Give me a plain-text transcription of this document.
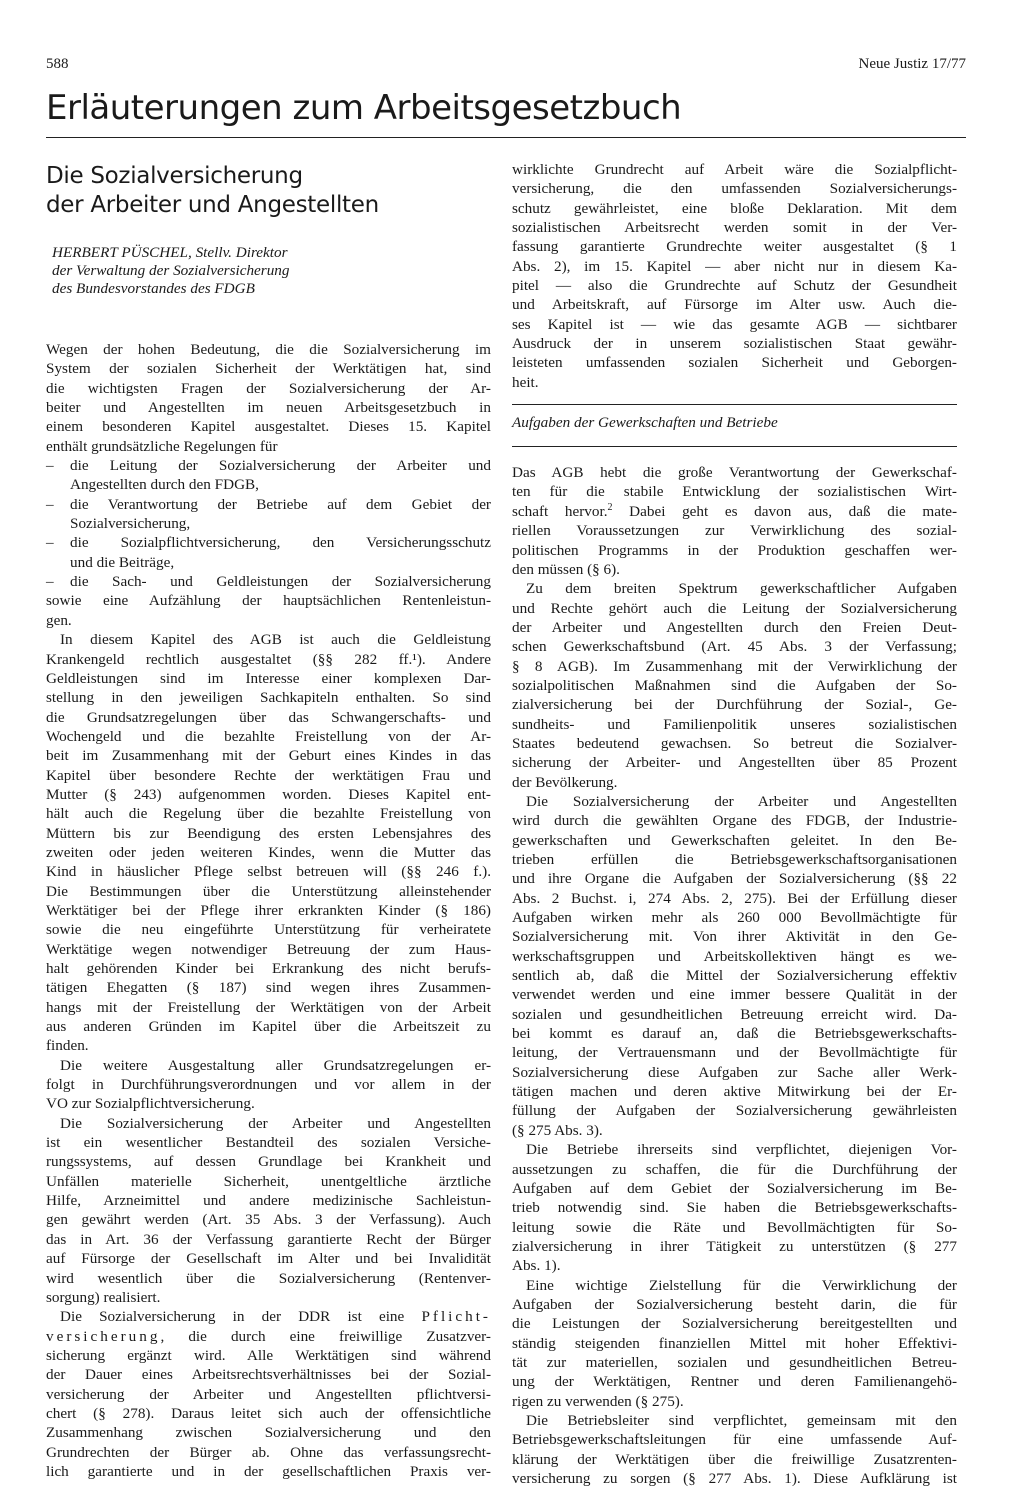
588	Neue Justiz 17/77
Erläuterungen zum Arbeitsgesetzbuch
Die Sozialversicherung
der Arbeiter und Angestellten
HERBERT PÜSCHEL, Stellv. Direktor
der Verwaltung der Sozialversicherung
des Bundesvorstandes des FDGB
Wegen der hohen Bedeutung, die die Sozialversicherung im
System der sozialen Sicherheit der Werktätigen hat, sind
die wichtigsten Fragen der Sozialversicherung der Ar-
beiter und Angestellten im neuen Arbeitsgesetzbuch in
einem besonderen Kapitel ausgestaltet. Dieses 15. Kapitel
enthält grundsätzliche Regelungen für
– die Leitung der Sozialversicherung der Arbeiter und
Angestellten durch den FDGB,
– die Verantwortung der Betriebe auf dem Gebiet der
Sozialversicherung,
– die Sozialpflichtversicherung, den Versicherungsschutz
und die Beiträge,
– die Sach- und Geldleistungen der Sozialversicherung
sowie eine Aufzählung der hauptsächlichen Rentenleistun-
gen.
In diesem Kapitel des AGB ist auch die Geldleistung
Krankengeld rechtlich ausgestaltet (§§ 282 ff.¹). Andere
Geldleistungen sind im Interesse einer komplexen Dar-
stellung in den jeweiligen Sachkapiteln enthalten. So sind
die Grundsatzregelungen über das Schwangerschafts- und
Wochengeld und die bezahlte Freistellung von der Ar-
beit im Zusammenhang mit der Geburt eines Kindes in das
Kapitel über besondere Rechte der werktätigen Frau und
Mutter (§ 243) aufgenommen worden. Dieses Kapitel ent-
hält auch die Regelung über die bezahlte Freistellung von
Müttern bis zur Beendigung des ersten Lebensjahres des
zweiten oder jeden weiteren Kindes, wenn die Mutter das
Kind in häuslicher Pflege selbst betreuen will (§§ 246 f.).
Die Bestimmungen über die Unterstützung alleinstehender
Werktätiger bei der Pflege ihrer erkrankten Kinder (§ 186)
sowie die neu eingeführte Unterstützung für verheiratete
Werktätige wegen notwendiger Betreuung der zum Haus-
halt gehörenden Kinder bei Erkrankung des nicht berufs-
tätigen Ehegatten (§ 187) sind wegen ihres Zusammen-
hangs mit der Freistellung der Werktätigen von der Arbeit
aus anderen Gründen im Kapitel über die Arbeitszeit zu
finden.
Die weitere Ausgestaltung aller Grundsatzregelungen er-
folgt in Durchführungsverordnungen und vor allem in der
VO zur Sozialpflichtversicherung.
Die Sozialversicherung der Arbeiter und Angestellten
ist ein wesentlicher Bestandteil des sozialen Versiche-
rungssystems, auf dessen Grundlage bei Krankheit und
Unfällen materielle Sicherheit, unentgeltliche ärztliche
Hilfe, Arzneimittel und andere medizinische Sachleistun-
gen gewährt werden (Art. 35 Abs. 3 der Verfassung). Auch
das in Art. 36 der Verfassung garantierte Recht der Bürger
auf Fürsorge der Gesellschaft im Alter und bei Invalidität
wird wesentlich über die Sozialversicherung (Rentenver-
sorgung) realisiert.
Die Sozialversicherung in der DDR ist eine Pflicht-
versicherung, die durch eine freiwillige Zusatzver-
sicherung ergänzt wird. Alle Werktätigen sind während
der Dauer eines Arbeitsrechtsverhältnisses bei der Sozial-
versicherung der Arbeiter und Angestellten pflichtversi-
chert (§ 278). Daraus leitet sich auch der offensichtliche
Zusammenhang zwischen Sozialversicherung und den
Grundrechten der Bürger ab. Ohne das verfassungsrecht-
lich garantierte und in der gesellschaftlichen Praxis ver-
wirklichte Grundrecht auf Arbeit wäre die Sozialpflicht-
versicherung, die den umfassenden Sozialversicherungs-
schutz gewährleistet, eine bloße Deklaration. Mit dem
sozialistischen Arbeitsrecht werden somit in der Ver-
fassung garantierte Grundrechte weiter ausgestaltet (§ 1
Abs. 2), im 15. Kapitel — aber nicht nur in diesem Ka-
pitel — also die Grundrechte auf Schutz der Gesundheit
und Arbeitskraft, auf Fürsorge im Alter usw. Auch die-
ses Kapitel ist — wie das gesamte AGB — sichtbarer
Ausdruck der in unserem sozialistischen Staat gewähr-
leisteten umfassenden sozialen Sicherheit und Geborgen-
heit.
Aufgaben der Gewerkschaften und Betriebe
Das AGB hebt die große Verantwortung der Gewerkschaf-
ten für die stabile Entwicklung der sozialistischen Wirt-
schaft hervor.$^2$ Dabei geht es davon aus, daß die mate-
riellen Voraussetzungen zur Verwirklichung des sozial-
politischen Programms in der Produktion geschaffen wer-
den müssen (§ 6).
Zu dem breiten Spektrum gewerkschaftlicher Aufgaben
und Rechte gehört auch die Leitung der Sozialversicherung
der Arbeiter und Angestellten durch den Freien Deut-
schen Gewerkschaftsbund (Art. 45 Abs. 3 der Verfassung;
§ 8 AGB). Im Zusammenhang mit der Verwirklichung der
sozialpolitischen Maßnahmen sind die Aufgaben der So-
zialversicherung bei der Durchführung der Sozial-, Ge-
sundheits- und Familienpolitik unseres sozialistischen
Staates bedeutend gewachsen. So betreut die Sozialver-
sicherung der Arbeiter- und Angestellten über 85 Prozent
der Bevölkerung.
Die Sozialversicherung der Arbeiter und Angestellten
wird durch die gewählten Organe des FDGB, der Industrie-
gewerkschaften und Gewerkschaften geleitet. In den Be-
trieben erfüllen die Betriebsgewerkschaftsorganisationen
und ihre Organe die Aufgaben der Sozialversicherung (§§ 22
Abs. 2 Buchst. i, 274 Abs. 2, 275). Bei der Erfüllung dieser
Aufgaben wirken mehr als 260 000 Bevollmächtigte für
Sozialversicherung mit. Von ihrer Aktivität in den Ge-
werkschaftsgruppen und Arbeitskollektiven hängt es we-
sentlich ab, daß die Mittel der Sozialversicherung effektiv
verwendet werden und eine immer bessere Qualität in der
sozialen und gesundheitlichen Betreuung erreicht wird. Da-
bei kommt es darauf an, daß die Betriebsgewerkschafts-
leitung, der Vertrauensmann und der Bevollmächtigte für
Sozialversicherung diese Aufgaben zur Sache aller Werk-
tätigen machen und deren aktive Mitwirkung bei der Er-
füllung der Aufgaben der Sozialversicherung gewährleisten
(§ 275 Abs. 3).
Die Betriebe ihrerseits sind verpflichtet, diejenigen Vor-
aussetzungen zu schaffen, die für die Durchführung der
Aufgaben auf dem Gebiet der Sozialversicherung im Be-
trieb notwendig sind. Sie haben die Betriebsgewerkschafts-
leitung sowie die Räte und Bevollmächtigten für So-
zialversicherung in ihrer Tätigkeit zu unterstützen (§ 277
Abs. 1).
Eine wichtige Zielstellung für die Verwirklichung der
Aufgaben der Sozialversicherung besteht darin, die für
die Leistungen der Sozialversicherung bereitgestellten und
ständig steigenden finanziellen Mittel mit hoher Effektivi-
tät zur materiellen, sozialen und gesundheitlichen Betreu-
ung der Werktätigen, Rentner und deren Familienangehö-
rigen zu verwenden (§ 275).
Die Betriebsleiter sind verpflichtet, gemeinsam mit den
Betriebsgewerkschaftsleitungen für eine umfassende Auf-
klärung der Werktätigen über die freiwillige Zusatzrenten-
versicherung zu sorgen (§ 277 Abs. 1). Diese Aufklärung ist
